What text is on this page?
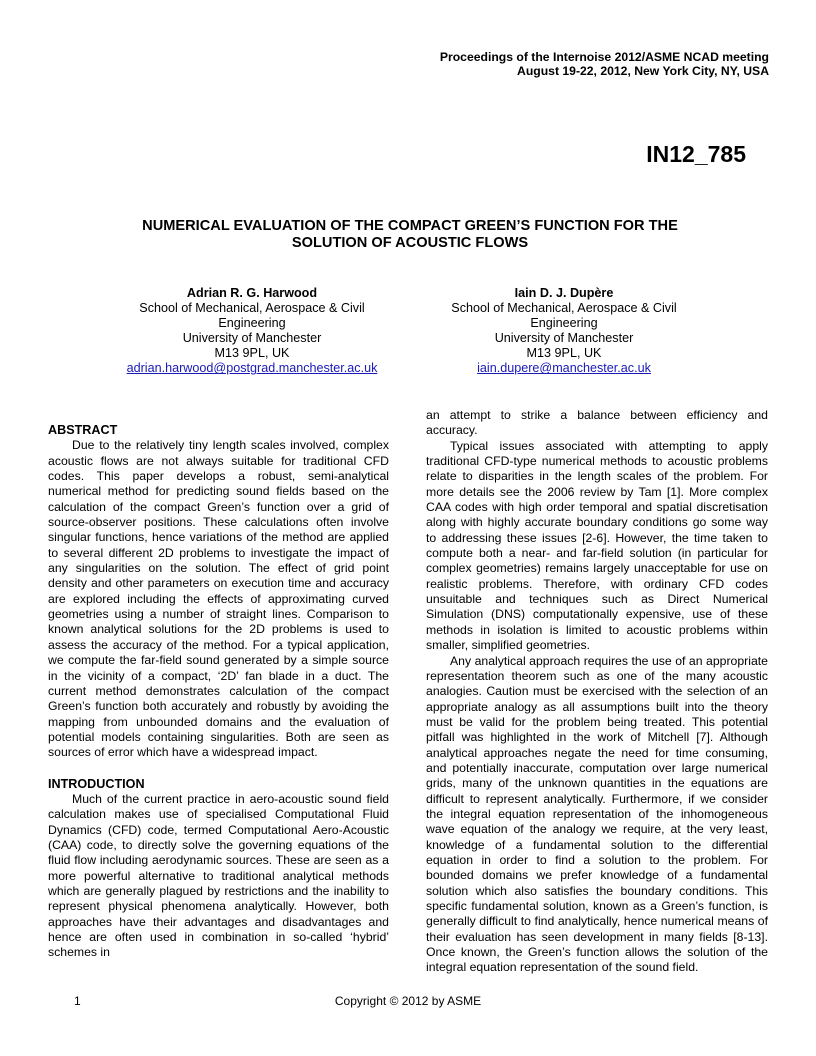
Proceedings of the Internoise 2012/ASME NCAD meeting
August 19-22, 2012, New York City, NY, USA
IN12_785
NUMERICAL EVALUATION OF THE COMPACT GREEN’S FUNCTION FOR THE
SOLUTION OF ACOUSTIC FLOWS
Adrian R. G. Harwood
School of Mechanical, Aerospace & Civil
Engineering
University of Manchester
M13 9PL, UK
adrian.harwood@postgrad.manchester.ac.uk
Iain D. J. Dupère
School of Mechanical, Aerospace & Civil
Engineering
University of Manchester
M13 9PL, UK
iain.dupere@manchester.ac.uk
ABSTRACT

Due to the relatively tiny length scales involved, complex acoustic flows are not always suitable for traditional CFD codes. This paper develops a robust, semi-analytical numerical method for predicting sound fields based on the calculation of the compact Green’s function over a grid of source-observer positions. These calculations often involve singular functions, hence variations of the method are applied to several different 2D problems to investigate the impact of any singularities on the solution. The effect of grid point density and other parameters on execution time and accuracy are explored including the effects of approximating curved geometries using a number of straight lines. Comparison to known analytical solutions for the 2D problems is used to assess the accuracy of the method. For a typical application, we compute the far-field sound generated by a simple source in the vicinity of a compact, ‘2D’ fan blade in a duct. The current method demonstrates calculation of the compact Green’s function both accurately and robustly by avoiding the mapping from unbounded domains and the evaluation of potential models containing singularities. Both are seen as sources of error which have a widespread impact.

INTRODUCTION

Much of the current practice in aero-acoustic sound field calculation makes use of specialised Computational Fluid Dynamics (CFD) code, termed Computational Aero-Acoustic (CAA) code, to directly solve the governing equations of the fluid flow including aerodynamic sources. These are seen as a more powerful alternative to traditional analytical methods which are generally plagued by restrictions and the inability to represent physical phenomena analytically. However, both approaches have their advantages and disadvantages and hence are often used in combination in so-called ‘hybrid’ schemes in

an attempt to strike a balance between efficiency and accuracy.

Typical issues associated with attempting to apply traditional CFD-type numerical methods to acoustic problems relate to disparities in the length scales of the problem. For more details see the 2006 review by Tam [1]. More complex CAA codes with high order temporal and spatial discretisation along with highly accurate boundary conditions go some way to addressing these issues [2-6]. However, the time taken to compute both a near- and far-field solution (in particular for complex geometries) remains largely unacceptable for use on realistic problems. Therefore, with ordinary CFD codes unsuitable and techniques such as Direct Numerical Simulation (DNS) computationally expensive, use of these methods in isolation is limited to acoustic problems within smaller, simplified geometries.

Any analytical approach requires the use of an appropriate representation theorem such as one of the many acoustic analogies. Caution must be exercised with the selection of an appropriate analogy as all assumptions built into the theory must be valid for the problem being treated. This potential pitfall was highlighted in the work of Mitchell [7]. Although analytical approaches negate the need for time consuming, and potentially inaccurate, computation over large numerical grids, many of the unknown quantities in the equations are difficult to represent analytically. Furthermore, if we consider the integral equation representation of the inhomogeneous wave equation of the analogy we require, at the very least, knowledge of a fundamental solution to the differential equation in order to find a solution to the problem. For bounded domains we prefer knowledge of a fundamental solution which also satisfies the boundary conditions. This specific fundamental solution, known as a Green’s function, is generally difficult to find analytically, hence numerical means of their evaluation has seen development in many fields [8-13]. Once known, the Green’s function allows the solution of the integral equation representation of the sound field.

1	Copyright © 2012 by ASME
